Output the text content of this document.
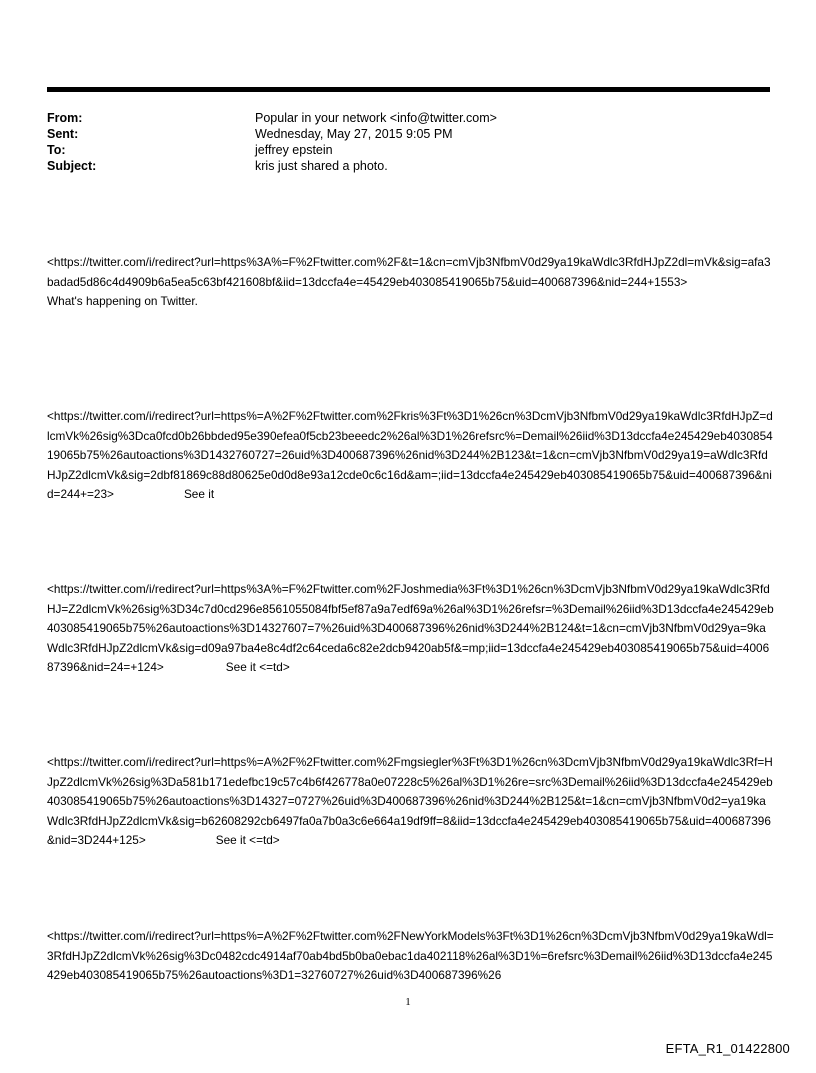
From:	Popular in your network <info@twitter.com>
Sent:	Wednesday, May 27, 2015 9:05 PM
To:	jeffrey epstein
Subject:	kris just shared a photo.
<https://twitter.com/i/redirect?url=https%3A%=F%2Ftwitter.com%2F&t=1&cn=cmVjb3NfbmV0d29ya19kaWdlc3RfdHJpZ2dl=mVk&sig=afa3badad5d86c4d4909b6a5ea5c63bf421608bf&iid=13dccfa4e=45429eb403085419065b75&uid=400687396&nid=244+1553>What's happening on Twitter.
<https://twitter.com/i/redirect?url=https%=A%2F%2Ftwitter.com%2Fkris%3Ft%3D1%26cn%3DcmVjb3NfbmV0d29ya19kaWdlc3RfdHJpZ=dlcmVk%26sig%3Dca0fcd0b26bbded95e390efea0f5cb23beeedc2%26al%3D1%26refsrc%=Demail%26iid%3D13dccfa4e245429eb403085419065b75%26autoactions%3D1432760727=26uid%3D400687396%26nid%3D244%2B123&t=1&cn=cmVjb3NfbmV0d29ya19=aWdlc3RfdHJpZ2dlcmVk&sig=2dbf81869c88d80625e0d0d8e93a12cde0c6c16d&am=;iid=13dccfa4e245429eb403085419065b75&uid=400687396&nid=244+=23>	See it
<https://twitter.com/i/redirect?url=https%3A%=F%2Ftwitter.com%2FJoshmedia%3Ft%3D1%26cn%3DcmVjb3NfbmV0d29ya19kaWdlc3RfdHJ=Z2dlcmVk%26sig%3D34c7d0cd296e8561055084fbf5ef87a9a7edf69a%26al%3D1%26refsr=%3Demail%26iid%3D13dccfa4e245429eb403085419065b75%26autoactions%3D14327607=7%26uid%3D400687396%26nid%3D244%2B124&t=1&cn=cmVjb3NfbmV0d29ya=9kaWdlc3RfdHJpZ2dlcmVk&sig=d09a97ba4e8c4df2c64ceda6c82e2dcb9420ab5f&=mp;iid=13dccfa4e245429eb403085419065b75&uid=400687396&nid=24=+124>	See it <=td>
<https://twitter.com/i/redirect?url=https%=A%2F%2Ftwitter.com%2Fmgsiegler%3Ft%3D1%26cn%3DcmVjb3NfbmV0d29ya19kaWdlc3Rf=HJpZ2dlcmVk%26sig%3Da581b171edefbc19c57c4b6f426778a0e07228c5%26al%3D1%26re=src%3Demail%26iid%3D13dccfa4e245429eb403085419065b75%26autoactions%3D14327=0727%26uid%3D400687396%26nid%3D244%2B125&t=1&cn=cmVjb3NfbmV0d2=ya19kaWdlc3RfdHJpZ2dlcmVk&sig=b62608292cb6497fa0a7b0a3c6e664a19df9ff=8&iid=13dccfa4e245429eb403085419065b75&uid=400687396&nid=3D244+125>	See it <=td>
<https://twitter.com/i/redirect?url=https%=A%2F%2Ftwitter.com%2FNewYorkModels%3Ft%3D1%26cn%3DcmVjb3NfbmV0d29ya19kaWdl=3RfdHJpZ2dlcmVk%26sig%3Dc0482cdc4914af70ab4bd5b0ba0ebac1da402118%26al%3D1%=6refsrc%3Demail%26iid%3D13dccfa4e245429eb403085419065b75%26autoactions%3D1=32760727%26uid%3D400687396%26
1
EFTA_R1_01422800
